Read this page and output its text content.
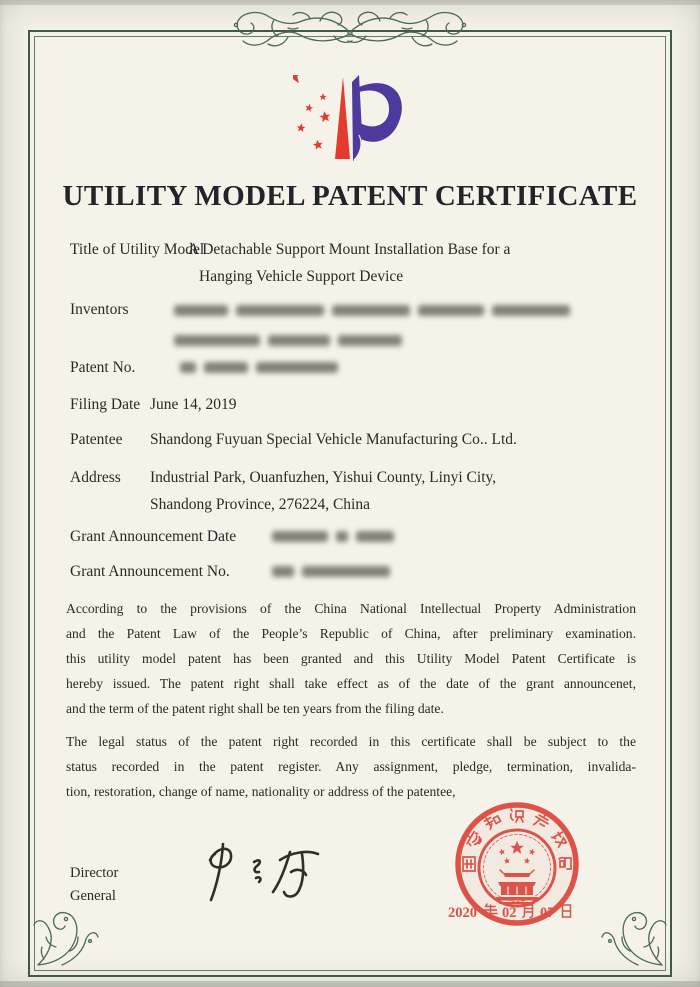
UTILITY MODEL PATENT CERTIFICATE
Title of Utility Model
A Detachable Support Mount Installation Base for a
Hanging Vehicle Support Device
Inventors
Patent No.
Filing Date June 14, 2019
Patentee	Shandong Fuyuan Special Vehicle Manufacturing Co.. Ltd.
Address	Industrial Park, Ouanfuzhen, Yishui County, Linyi City,
Shandong Province, 276224, China
Grant Announcement Date
Grant Announcement No.
According to the provisions of the China National Intellectual Property Administration
and the Patent Law of the People’s Republic of China, after preliminary examination.
this utility model patent has been granted and this Utility Model Patent Certificate is
hereby issued. The patent right shall take effect as of the date of the grant announcenet,
and the term of the patent right shall be ten years from the filing date.
The legal status of the patent right recorded in this certificate shall be subject to the
status recorded in the patent register. Any assignment, pledge, termination, invalida-
tion, restoration, change of name, nationality or address of the patentee,
Director
General
2020 02 07
